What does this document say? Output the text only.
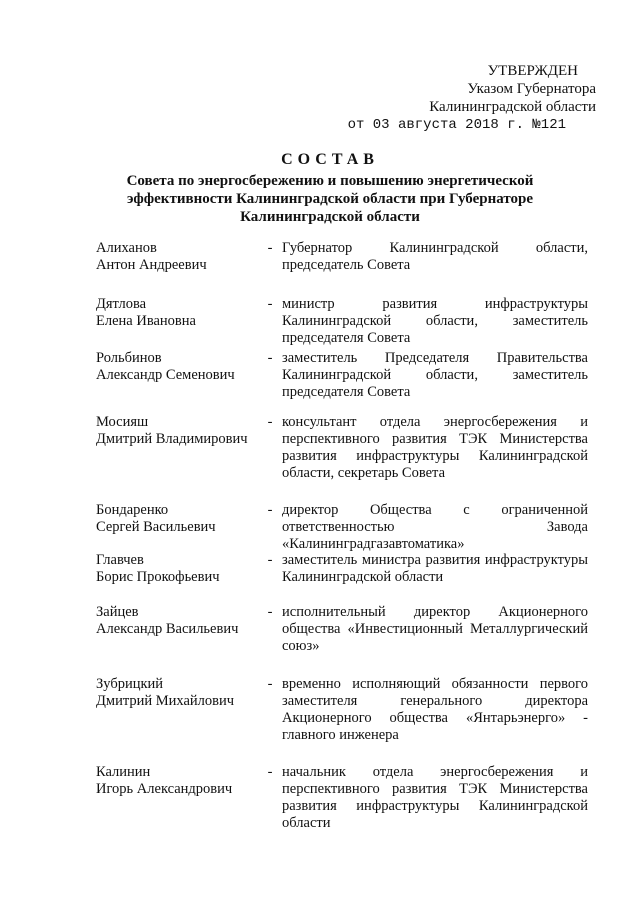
УТВЕРЖДЕН
Указом Губернатора
Калининградской области
от 03 августа 2018 г. №121
СОСТАВ
Совета по энергосбережению и повышению энергетической
эффективности Калининградской области при Губернаторе
Калининградской области
Алиханов
Антон Андреевич
- Губернатор Калининградской области, председатель Совета
Дятлова
Елена Ивановна
- министр развития инфраструктуры Калининградской области, заместитель председателя Совета
Рольбинов
Александр Семенович
- заместитель Председателя Правительства Калининградской области, заместитель председателя Совета
Мосияш
Дмитрий Владимирович
- консультант отдела энергосбережения и перспективного развития ТЭК Министерства развития инфраструктуры Калининградской области, секретарь Совета
Бондаренко
Сергей Васильевич
- директор Общества с ограниченной ответственностью Завода «Калининградгазавтоматика»
Главчев
Борис Прокофьевич
- заместитель министра развития инфраструктуры Калининградской области
Зайцев
Александр Васильевич
- исполнительный директор Акционерного общества «Инвестиционный Металлургический союз»
Зубрицкий
Дмитрий Михайлович
- временно исполняющий обязанности первого заместителя генерального директора Акционерного общества «Янтарьэнерго» - главного инженера
Калинин
Игорь Александрович
- начальник отдела энергосбережения и перспективного развития ТЭК Министерства развития инфраструктуры Калининградской области
